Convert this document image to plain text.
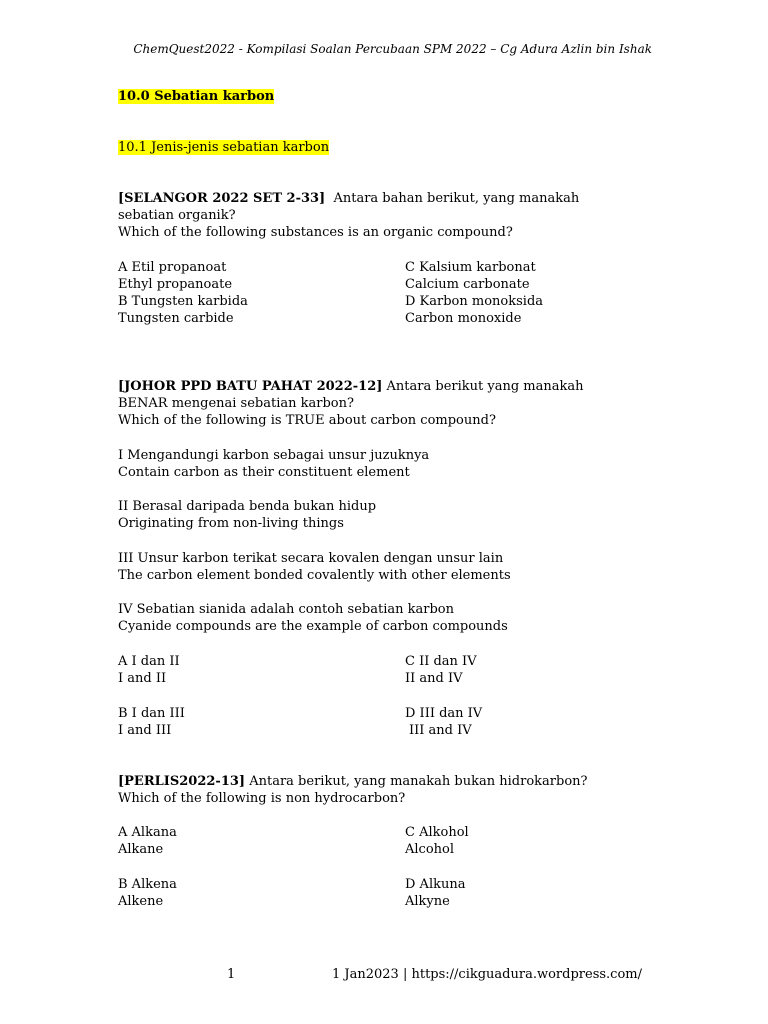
ChemQuest2022 - Kompilasi Soalan Percubaan SPM 2022 – Cg Adura Azlin bin Ishak
10.0 Sebatian karbon
10.1 Jenis-jenis sebatian karbon
[SELANGOR 2022 SET 2-33] Antara bahan berikut, yang manakah
sebatian organik?
Which of the following substances is an organic compound?
A Etil propanoat
Ethyl propanoate
C Kalsium karbonat
Calcium carbonate
B Tungsten karbida
Tungsten carbide
D Karbon monoksida
Carbon monoxide
[JOHOR PPD BATU PAHAT 2022-12] Antara berikut yang manakah
BENAR mengenai sebatian karbon?
Which of the following is TRUE about carbon compound?
I Mengandungi karbon sebagai unsur juzuknya
Contain carbon as their constituent element
II Berasal daripada benda bukan hidup
Originating from non-living things
III Unsur karbon terikat secara kovalen dengan unsur lain
The carbon element bonded covalently with other elements
IV Sebatian sianida adalah contoh sebatian karbon
Cyanide compounds are the example of carbon compounds
A I dan II
I and II
C II dan IV
II and IV
B I dan III
I and III
D III dan IV
III and IV
[PERLIS2022-13] Antara berikut, yang manakah bukan hidrokarbon?
Which of the following is non hydrocarbon?
A Alkana
Alkane
C Alkohol
Alcohol
B Alkena
Alkene
D Alkuna
Alkyne
1	1 Jan2023 | https://cikguadura.wordpress.com/
